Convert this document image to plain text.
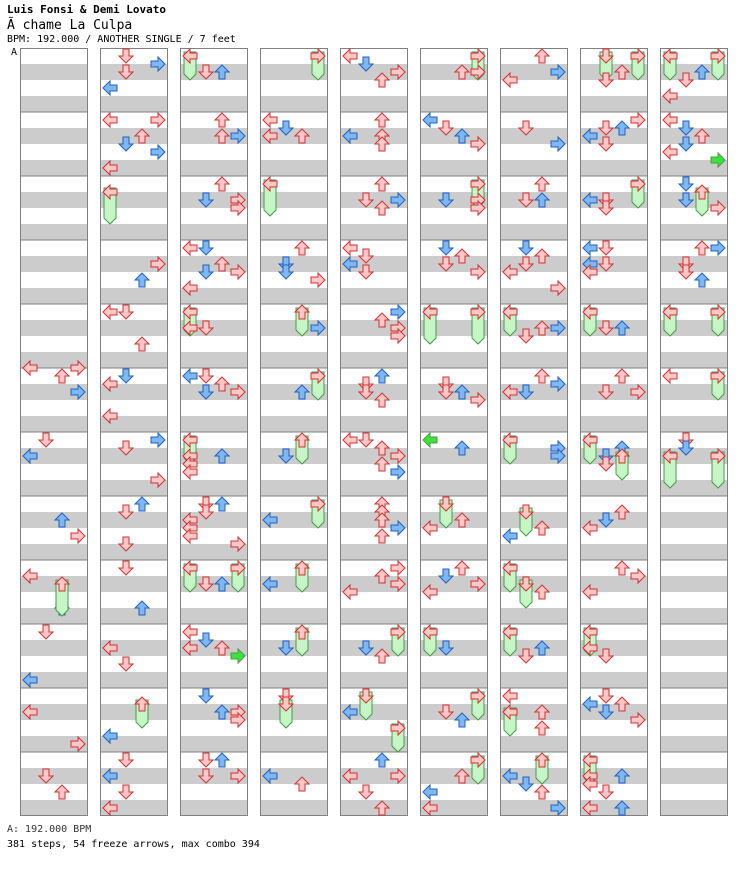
Luis Fonsi & Demi Lovato
Ã chame La Culpa
BPM: 192.000 / ANOTHER SINGLE / 7 feet
A
A: 192.000 BPM
381 steps, 54 freeze arrows, max combo 394
